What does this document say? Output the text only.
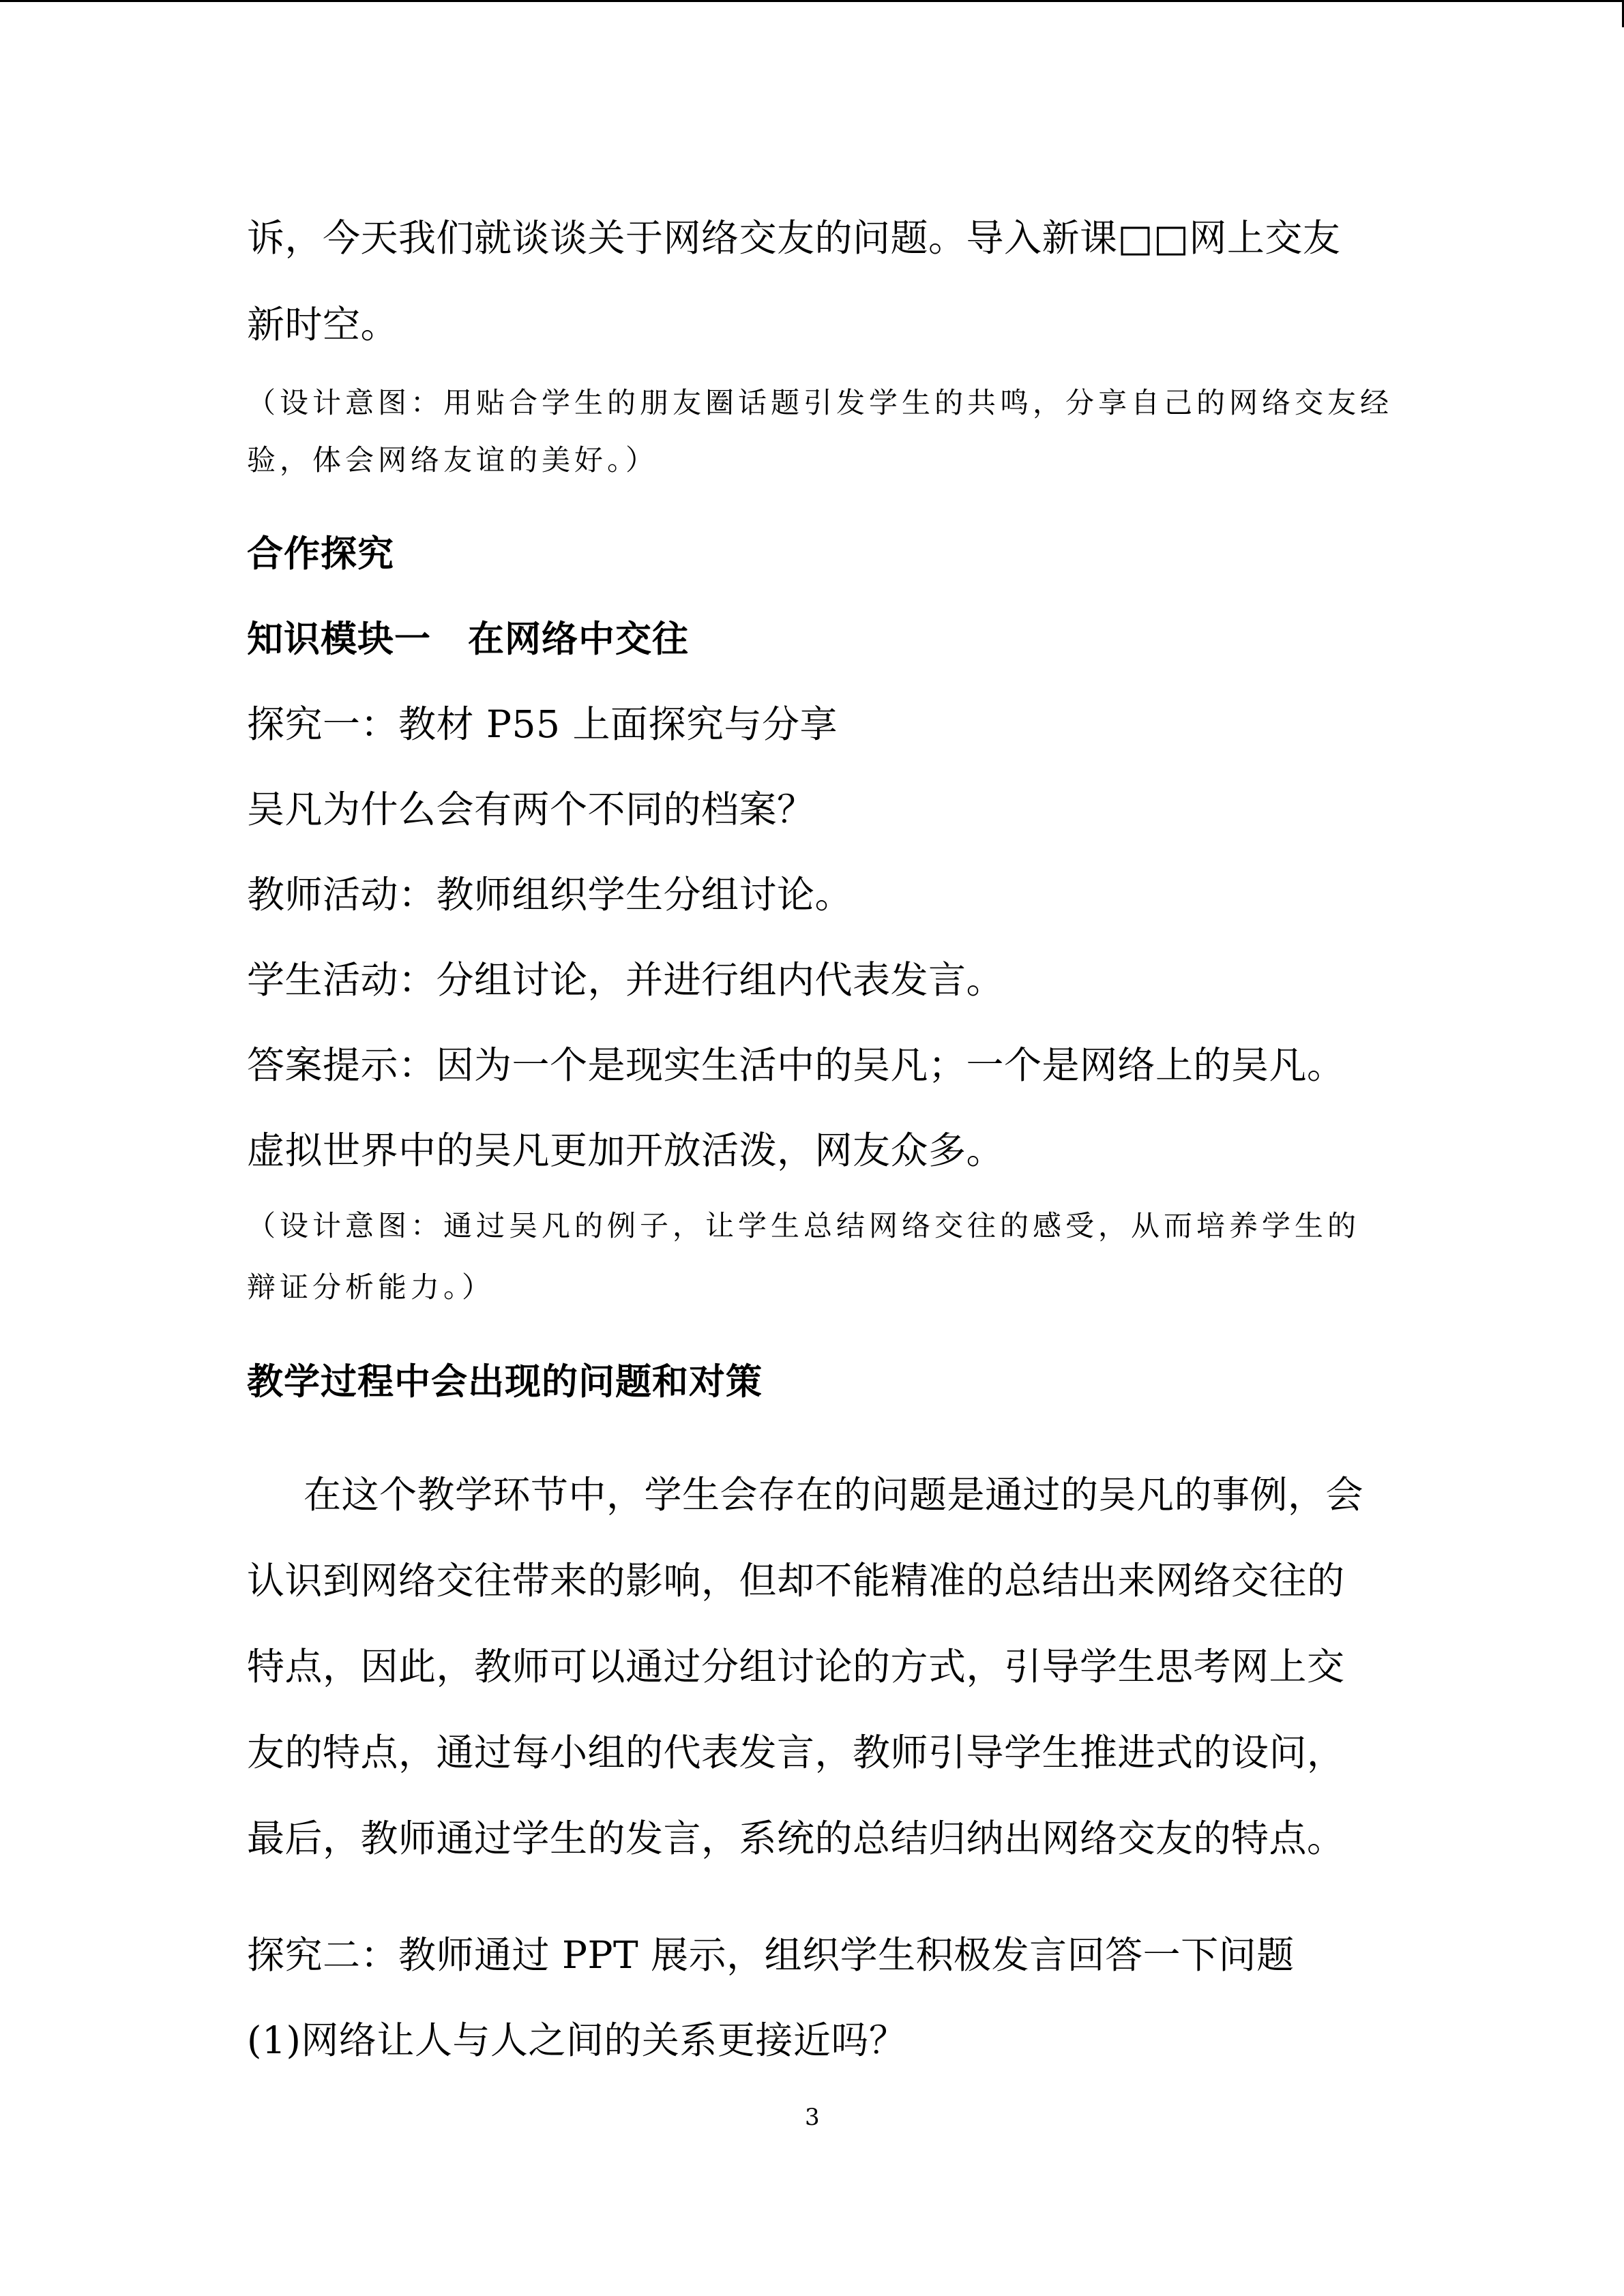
诉，今天我们就谈谈关于网络交友的问题。导入新课□□网上交友
新时空。
（设计意图：用贴合学生的朋友圈话题引发学生的共鸣，分享自己的网络交友经
验，体会网络友谊的美好。）
合作探究
知识模块一　在网络中交往
探究一：教材 P55 上面探究与分享
吴凡为什么会有两个不同的档案？
教师活动：教师组织学生分组讨论。
学生活动：分组讨论，并进行组内代表发言。
答案提示：因为一个是现实生活中的吴凡；一个是网络上的吴凡。
虚拟世界中的吴凡更加开放活泼，网友众多。
（设计意图：通过吴凡的例子，让学生总结网络交往的感受，从而培养学生的
辩证分析能力。）
教学过程中会出现的问题和对策
在这个教学环节中，学生会存在的问题是通过的吴凡的事例，会
认识到网络交往带来的影响，但却不能精准的总结出来网络交往的
特点，因此，教师可以通过分组讨论的方式，引导学生思考网上交
友的特点，通过每小组的代表发言，教师引导学生推进式的设问，
最后，教师通过学生的发言，系统的总结归纳出网络交友的特点。
探究二：教师通过 PPT 展示，组织学生积极发言回答一下问题
(1)网络让人与人之间的关系更接近吗？
3
